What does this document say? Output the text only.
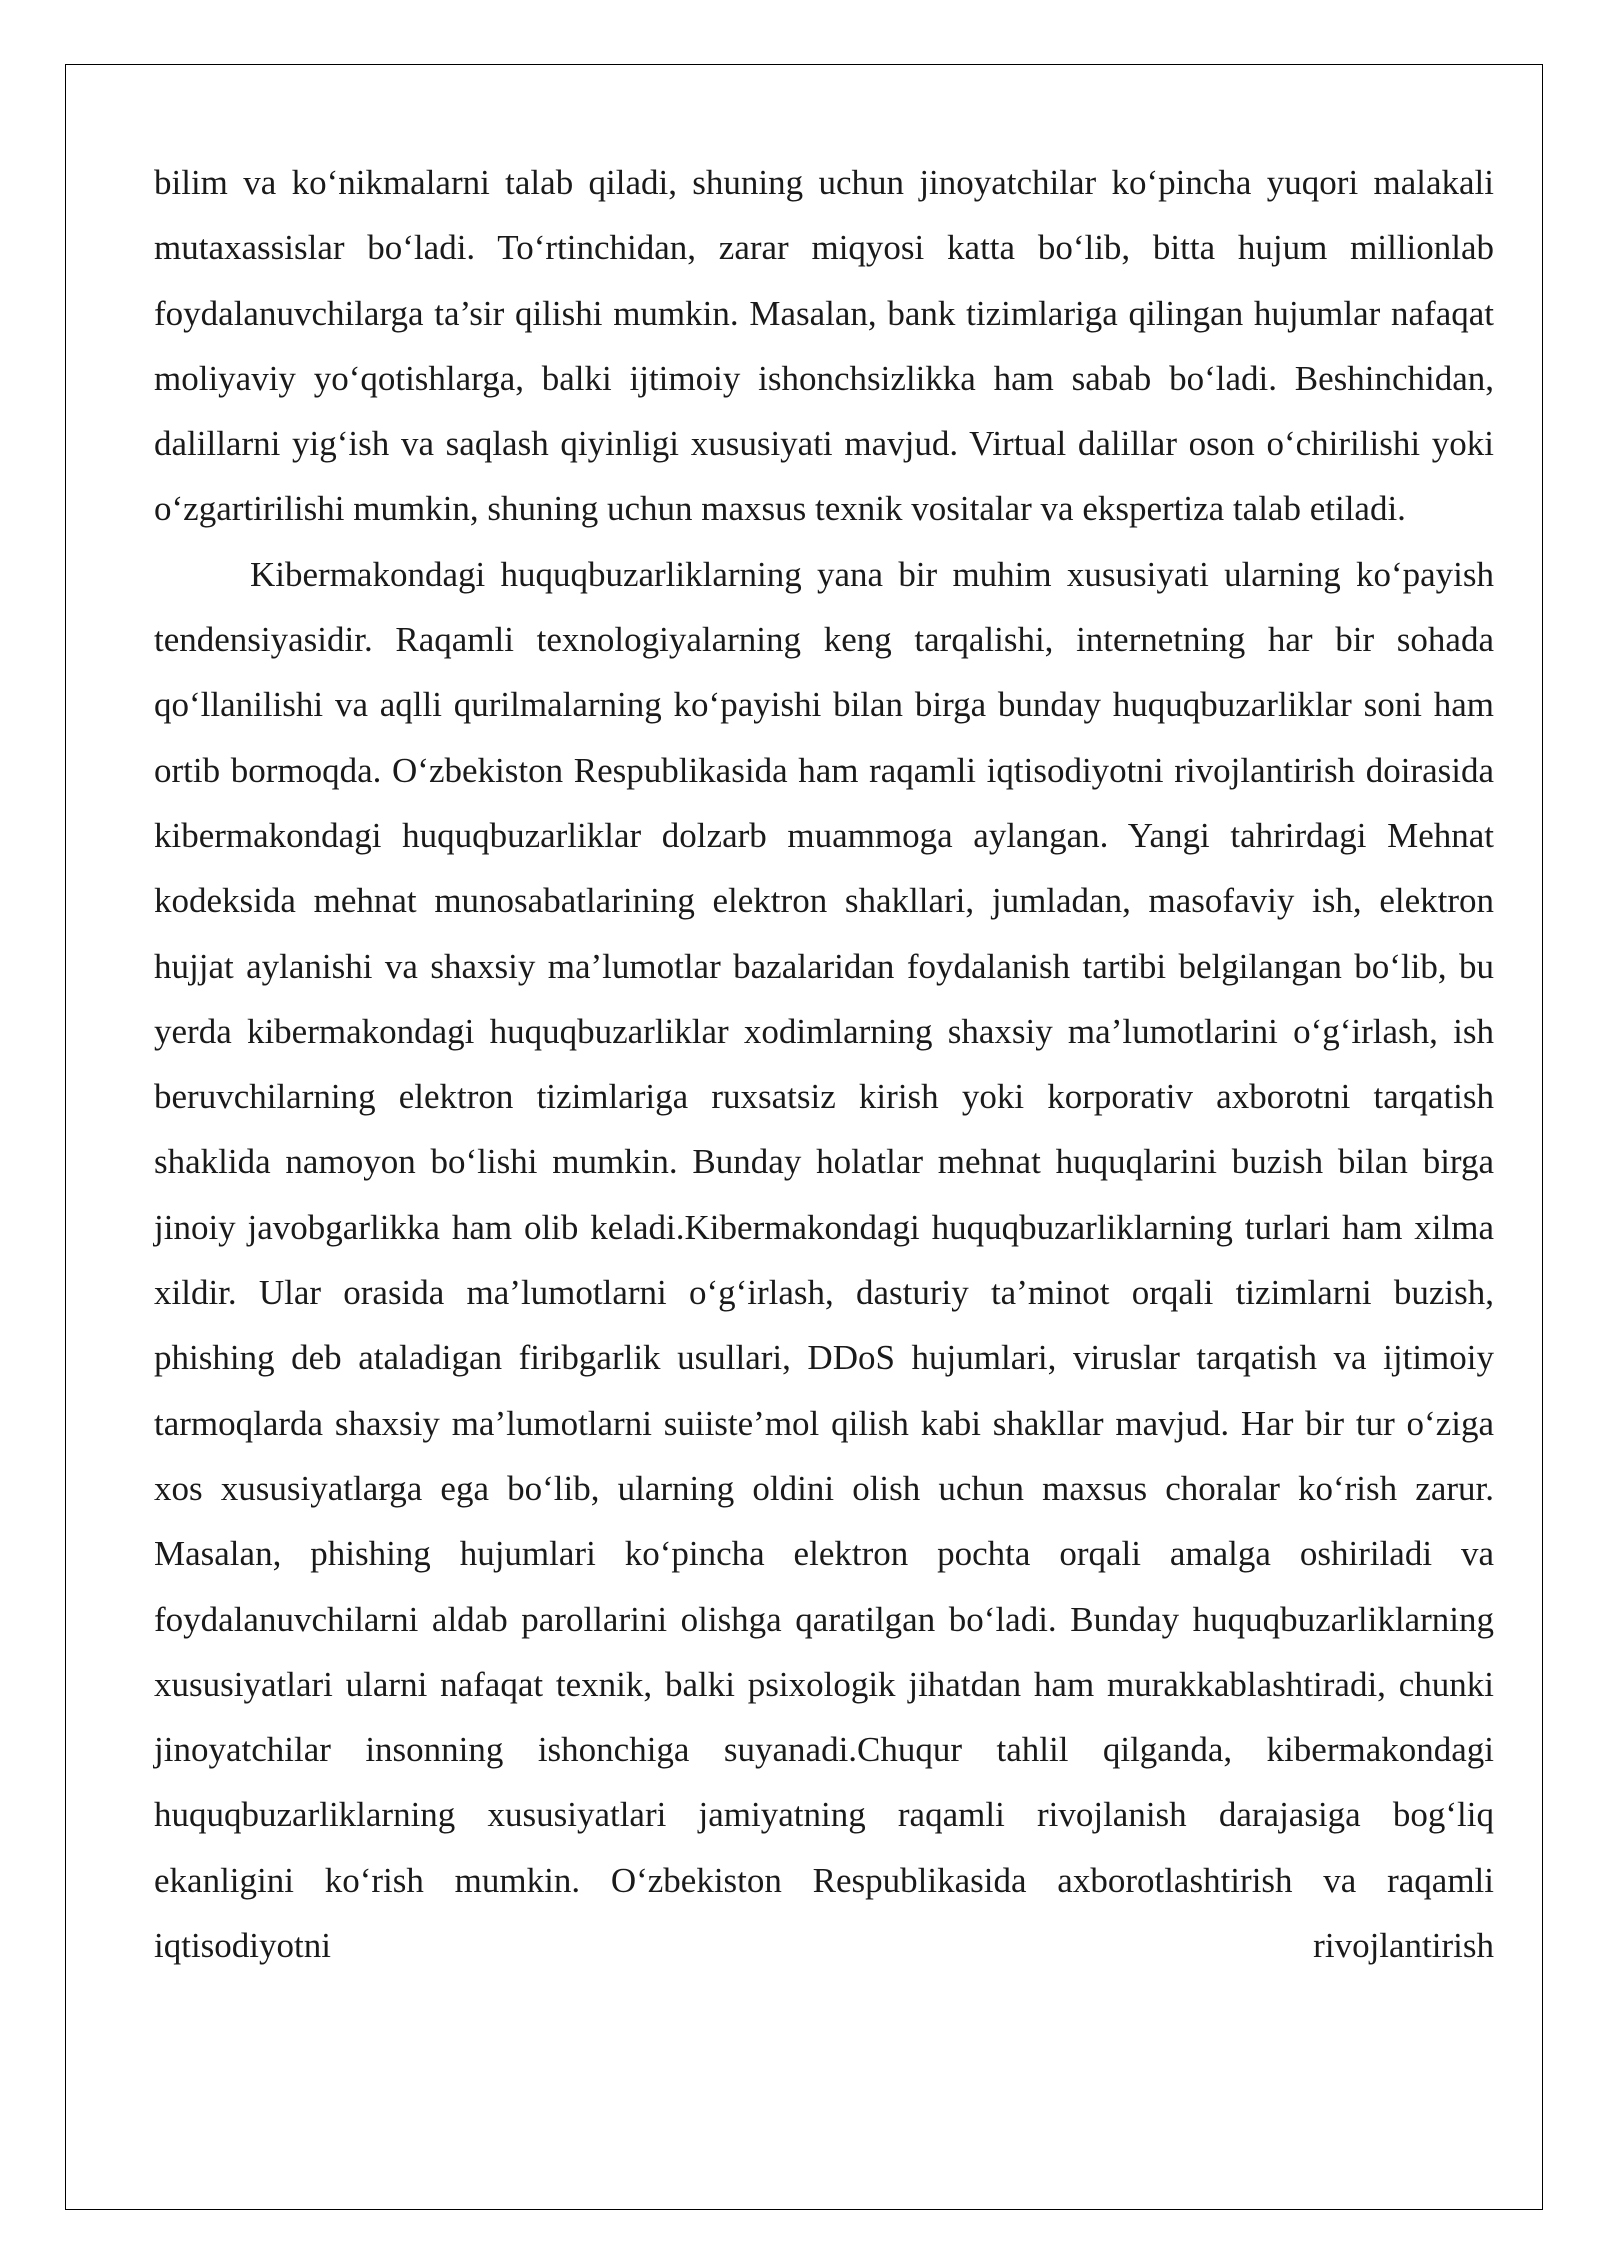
bilim va ko‘nikmalarni talab qiladi, shuning uchun jinoyatchilar ko‘pincha yuqori malakali mutaxassislar bo‘ladi. To‘rtinchidan, zarar miqyosi katta bo‘lib, bitta hujum millionlab foydalanuvchilarga ta’sir qilishi mumkin. Masalan, bank tizimlariga qilingan hujumlar nafaqat moliyaviy yo‘qotishlarga, balki ijtimoiy ishonchsizlikka ham sabab bo‘ladi. Beshinchidan, dalillarni yig‘ish va saqlash qiyinligi xususiyati mavjud. Virtual dalillar oson o‘chirilishi yoki o‘zgartirilishi mumkin, shuning uchun maxsus texnik vositalar va ekspertiza talab etiladi.

Kibermakondagi huquqbuzarliklarning yana bir muhim xususiyati ularning ko‘payish tendensiyasidir. Raqamli texnologiyalarning keng tarqalishi, internetning har bir sohada qo‘llanilishi va aqlli qurilmalarning ko‘payishi bilan birga bunday huquqbuzarliklar soni ham ortib bormoqda. O‘zbekiston Respublikasida ham raqamli iqtisodiyotni rivojlantirish doirasida kibermakondagi huquqbuzarliklar dolzarb muammoga aylangan. Yangi tahrirdagi Mehnat kodeksida mehnat munosabatlarining elektron shakllari, jumladan, masofaviy ish, elektron hujjat aylanishi va shaxsiy ma’lumotlar bazalaridan foydalanish tartibi belgilangan bo‘lib, bu yerda kibermakondagi huquqbuzarliklar xodimlarning shaxsiy ma’lumotlarini o‘g‘irlash, ish beruvchilarning elektron tizimlariga ruxsatsiz kirish yoki korporativ axborotni tarqatish shaklida namoyon bo‘lishi mumkin. Bunday holatlar mehnat huquqlarini buzish bilan birga jinoiy javobgarlikka ham olib keladi.Kibermakondagi huquqbuzarliklarning turlari ham xilma xildir. Ular orasida ma’lumotlarni o‘g‘irlash, dasturiy ta’minot orqali tizimlarni buzish, phishing deb ataladigan firibgarlik usullari, DDoS hujumlari, viruslar tarqatish va ijtimoiy tarmoqlarda shaxsiy ma’lumotlarni suiiste’mol qilish kabi shakllar mavjud. Har bir tur o‘ziga xos xususiyatlarga ega bo‘lib, ularning oldini olish uchun maxsus choralar ko‘rish zarur. Masalan, phishing hujumlari ko‘pincha elektron pochta orqali amalga oshiriladi va foydalanuvchilarni aldab parollarini olishga qaratilgan bo‘ladi. Bunday huquqbuzarliklarning xususiyatlari ularni nafaqat texnik, balki psixologik jihatdan ham murakkablashtiradi, chunki jinoyatchilar insonning ishonchiga suyanadi.Chuqur tahlil qilganda, kibermakondagi huquqbuzarliklarning xususiyatlari jamiyatning raqamli rivojlanish darajasiga bog‘liq ekanligini ko‘rish mumkin. O‘zbekiston Respublikasida axborotlashtirish va raqamli iqtisodiyotni rivojlantirish
